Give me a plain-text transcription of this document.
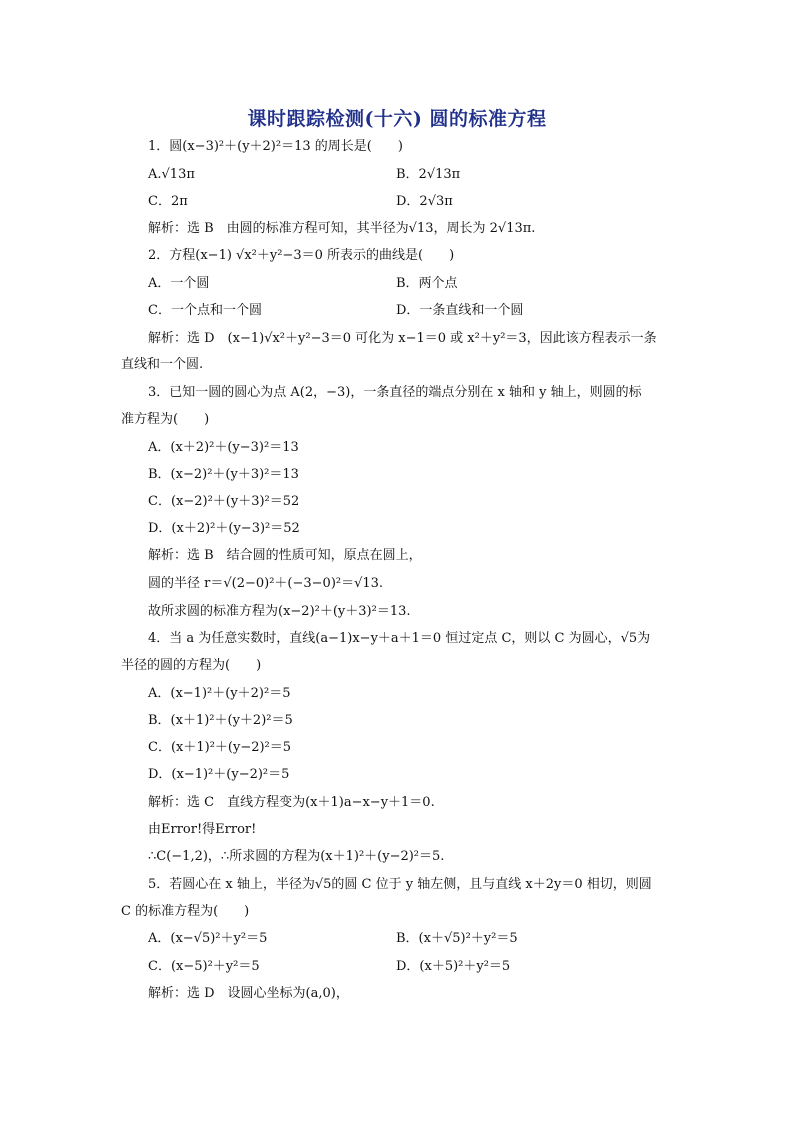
课时跟踪检测(十六) 圆的标准方程
1．圆(x−3)²＋(y＋2)²＝13 的周长是(　　)
A.√13π	B．2√13π
C．2π	D．2√3π
解析：选 B　由圆的标准方程可知，其半径为√13，周长为 2√13π.
2．方程(x−1) √x²＋y²−3＝0 所表示的曲线是(　　)
A．一个圆	B．两个点
C．一个点和一个圆	D．一条直线和一个圆
解析：选 D　(x−1)√x²＋y²−3＝0 可化为 x−1＝0 或 x²＋y²＝3，因此该方程表示一条
直线和一个圆.
3．已知一圆的圆心为点 A(2，−3)，一条直径的端点分别在 x 轴和 y 轴上，则圆的标
准方程为(　　)
A．(x＋2)²＋(y−3)²＝13
B．(x−2)²＋(y＋3)²＝13
C．(x−2)²＋(y＋3)²＝52
D．(x＋2)²＋(y−3)²＝52
解析：选 B　结合圆的性质可知，原点在圆上，
圆的半径 r＝√(2−0)²＋(−3−0)²＝√13.
故所求圆的标准方程为(x−2)²＋(y＋3)²＝13.
4．当 a 为任意实数时，直线(a−1)x−y＋a＋1＝0 恒过定点 C，则以 C 为圆心，√5为
半径的圆的方程为(　　)
A．(x−1)²＋(y＋2)²＝5
B．(x＋1)²＋(y＋2)²＝5
C．(x＋1)²＋(y−2)²＝5
D．(x−1)²＋(y−2)²＝5
解析：选 C　直线方程变为(x＋1)a−x−y＋1＝0.
由Error!得Error!
∴C(−1,2)，∴所求圆的方程为(x＋1)²＋(y−2)²＝5.
5．若圆心在 x 轴上，半径为√5的圆 C 位于 y 轴左侧，且与直线 x＋2y＝0 相切，则圆
C 的标准方程为(　　)
A．(x−√5)²＋y²＝5	B．(x＋√5)²＋y²＝5
C．(x−5)²＋y²＝5	D．(x＋5)²＋y²＝5
解析：选 D　设圆心坐标为(a,0)，
